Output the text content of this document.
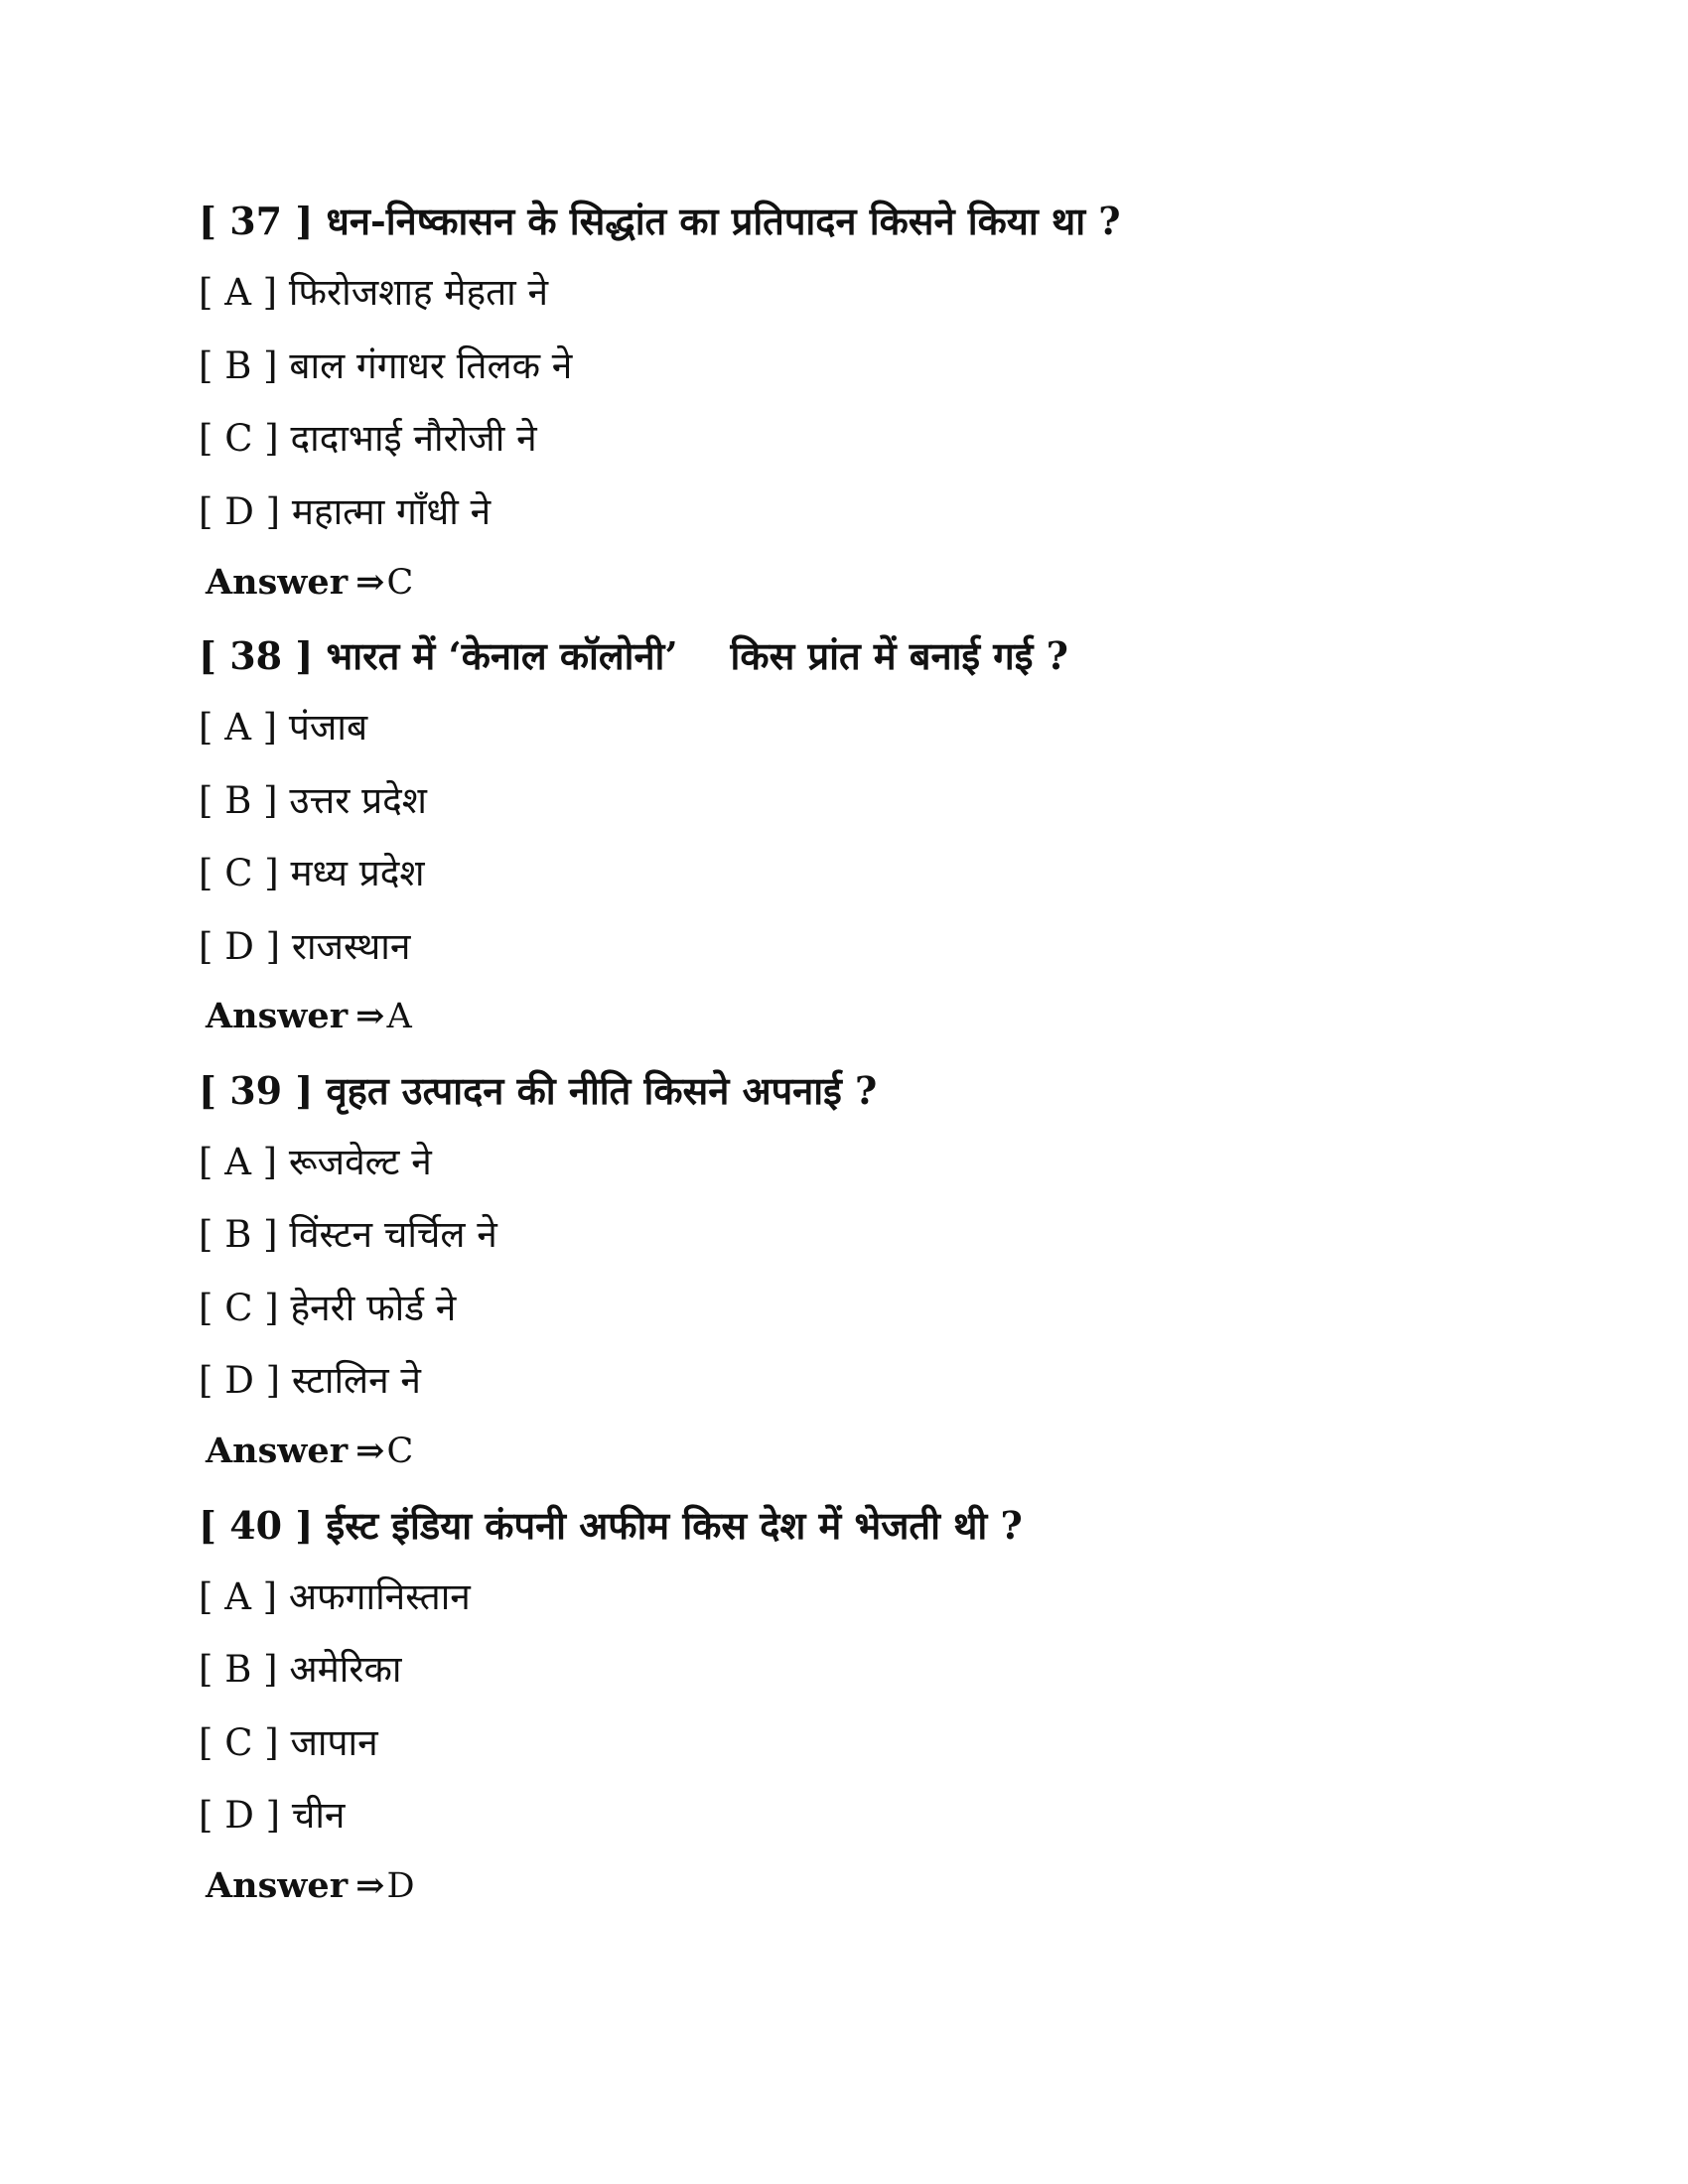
[ 37 ] धन-निष्कासन के सिद्धांत का प्रतिपादन किसने किया था ?
[ A ] फिरोजशाह मेहता ने
[ B ] बाल गंगाधर तिलक ने
[ C ] दादाभाई नौरोजी ने
[ D ] महात्मा गाँधी ने
Answer ⇒C
[ 38 ] भारत में ‘केनाल कॉलोनी’    किस प्रांत में बनाई गई ?
[ A ] पंजाब
[ B ] उत्तर प्रदेश
[ C ] मध्य प्रदेश
[ D ] राजस्थान
Answer ⇒A
[ 39 ] वृहत उत्पादन की नीति किसने अपनाई ?
[ A ] रूजवेल्ट ने
[ B ] विंस्टन चर्चिल ने
[ C ] हेनरी फोर्ड ने
[ D ] स्टालिन ने
Answer ⇒C
[ 40 ] ईस्ट इंडिया कंपनी अफीम किस देश में भेजती थी ?
[ A ] अफगानिस्तान
[ B ] अमेरिका
[ C ] जापान
[ D ] चीन
Answer ⇒D
